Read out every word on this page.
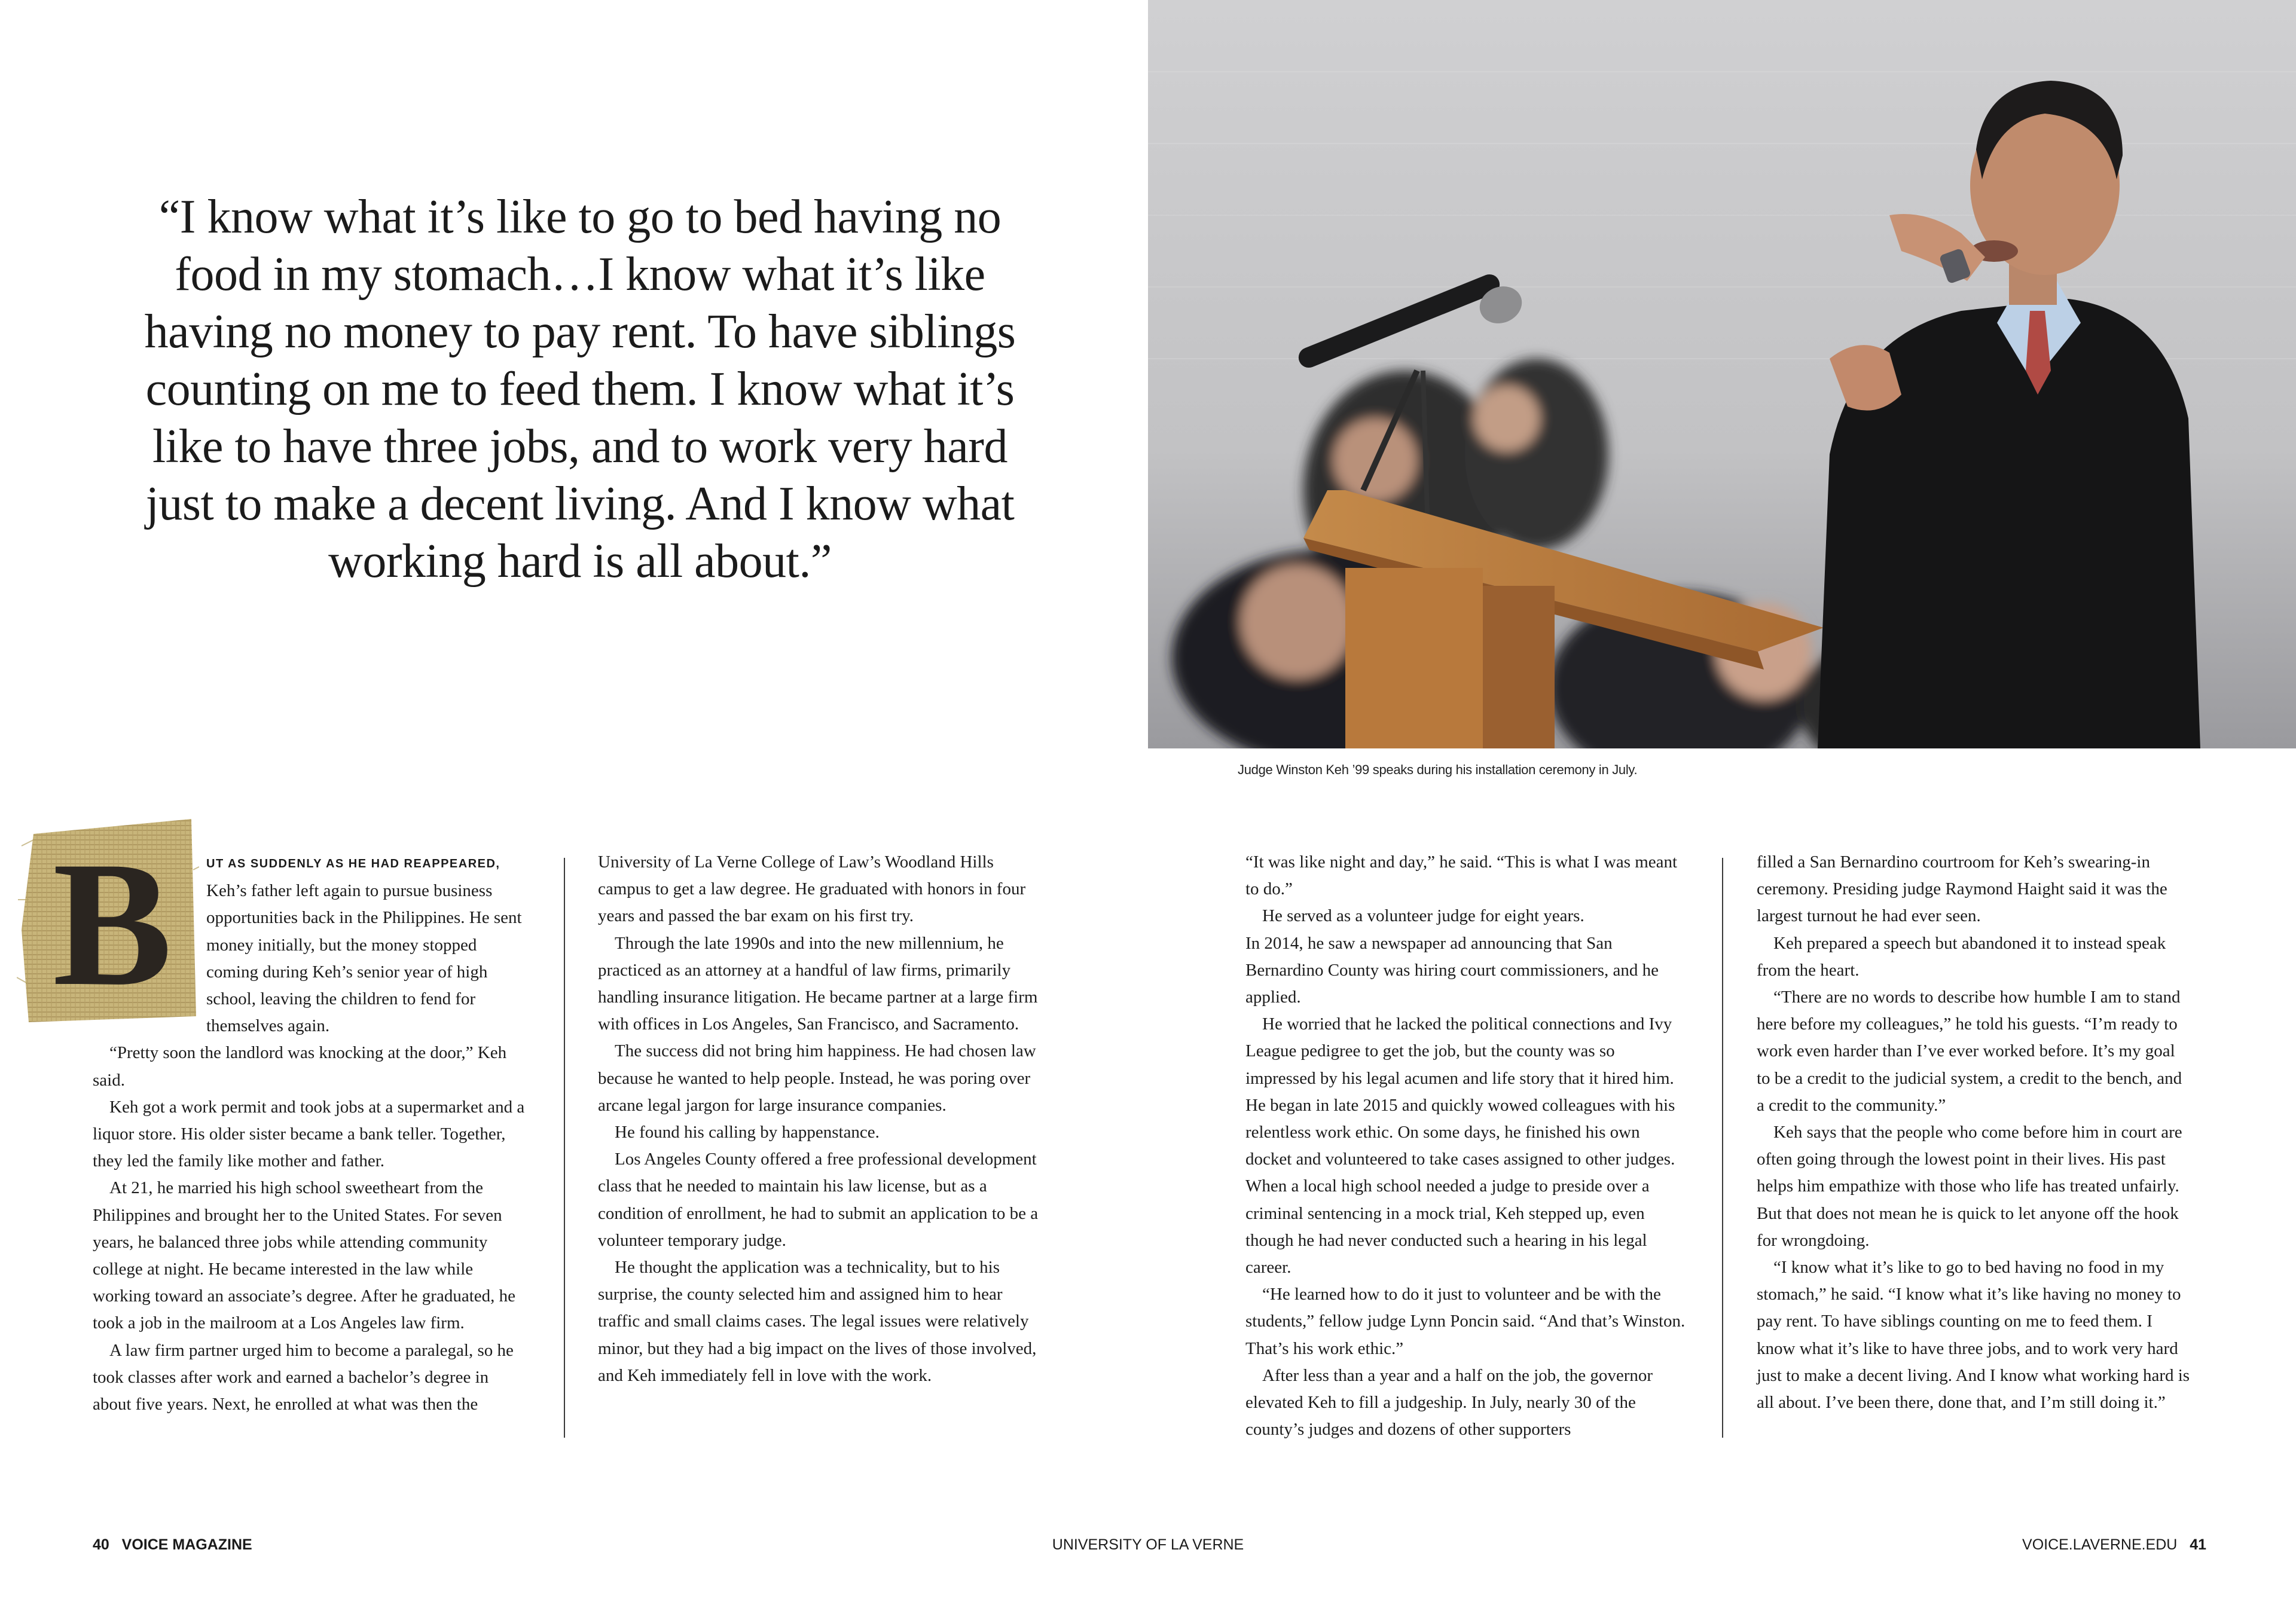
“I know what it’s like to go to bed having no food in my stomach…I know what it’s like having no money to pay rent. To have siblings counting on me to feed them. I know what it’s like to have three jobs, and to work very hard just to make a decent living. And I know what working hard is all about.”
Judge Winston Keh ’99 speaks during his installation ceremony in July.
B	UT AS SUDDENLY AS HE HAD REAPPEARED, Keh’s father left again to pursue business opportunities back in the Philippines. He sent money initially, but the money stopped coming during Keh’s senior year of high school, leaving the children to fend for themselves again.

“Pretty soon the landlord was knocking at the door,” Keh said.

Keh got a work permit and took jobs at a supermarket and a liquor store. His older sister became a bank teller. Together, they led the family like mother and father.

At 21, he married his high school sweetheart from the Philippines and brought her to the United States. For seven years, he balanced three jobs while attending community college at night. He became interested in the law while working toward an associate’s degree. After he graduated, he took a job in the mailroom at a Los Angeles law firm.

A law firm partner urged him to become a paralegal, so he took classes after work and earned a bachelor’s degree in about five years. Next, he enrolled at what was then the

University of La Verne College of Law’s Woodland Hills campus to get a law degree. He graduated with honors in four years and passed the bar exam on his first try.

Through the late 1990s and into the new millennium, he practiced as an attorney at a handful of law firms, primarily handling insurance litigation. He became partner at a large firm with offices in Los Angeles, San Francisco, and Sacramento.

The success did not bring him happiness. He had chosen law because he wanted to help people. Instead, he was poring over arcane legal jargon for large insurance companies.

He found his calling by happenstance.

Los Angeles County offered a free professional development class that he needed to maintain his law license, but as a condition of enrollment, he had to submit an application to be a volunteer temporary judge.

He thought the application was a technicality, but to his surprise, the county selected him and assigned him to hear traffic and small claims cases. The legal issues were relatively minor, but they had a big impact on the lives of those involved, and Keh immediately fell in love with the work.

“It was like night and day,” he said. “This is what I was meant to do.”

He served as a volunteer judge for eight years.

In 2014, he saw a newspaper ad announcing that San Bernardino County was hiring court commissioners, and he applied.

He worried that he lacked the political connections and Ivy League pedigree to get the job, but the county was so impressed by his legal acumen and life story that it hired him. He began in late 2015 and quickly wowed colleagues with his relentless work ethic. On some days, he finished his own docket and volunteered to take cases assigned to other judges. When a local high school needed a judge to preside over a criminal sentencing in a mock trial, Keh stepped up, even though he had never conducted such a hearing in his legal career.

“He learned how to do it just to volunteer and be with the students,” fellow judge Lynn Poncin said. “And that’s Winston. That’s his work ethic.”

After less than a year and a half on the job, the governor elevated Keh to fill a judgeship. In July, nearly 30 of the county’s judges and dozens of other supporters

filled a San Bernardino courtroom for Keh’s swearing-in ceremony. Presiding judge Raymond Haight said it was the largest turnout he had ever seen.

Keh prepared a speech but abandoned it to instead speak from the heart.

“There are no words to describe how humble I am to stand here before my colleagues,” he told his guests. “I’m ready to work even harder than I’ve ever worked before. It’s my goal to be a credit to the judicial system, a credit to the bench, and a credit to the community.”

Keh says that the people who come before him in court are often going through the lowest point in their lives. His past helps him empathize with those who life has treated unfairly. But that does not mean he is quick to let anyone off the hook for wrongdoing.

“I know what it’s like to go to bed having no food in my stomach,” he said. “I know what it’s like having no money to pay rent. To have siblings counting on me to feed them. I know what it’s like to have three jobs, and to work very hard just to make a decent living. And I know what working hard is all about. I’ve been there, done that, and I’m still doing it.”

40 VOICE MAGAZINE	UNIVERSITY OF LA VERNE	VOICE.LAVERNE.EDU 41
